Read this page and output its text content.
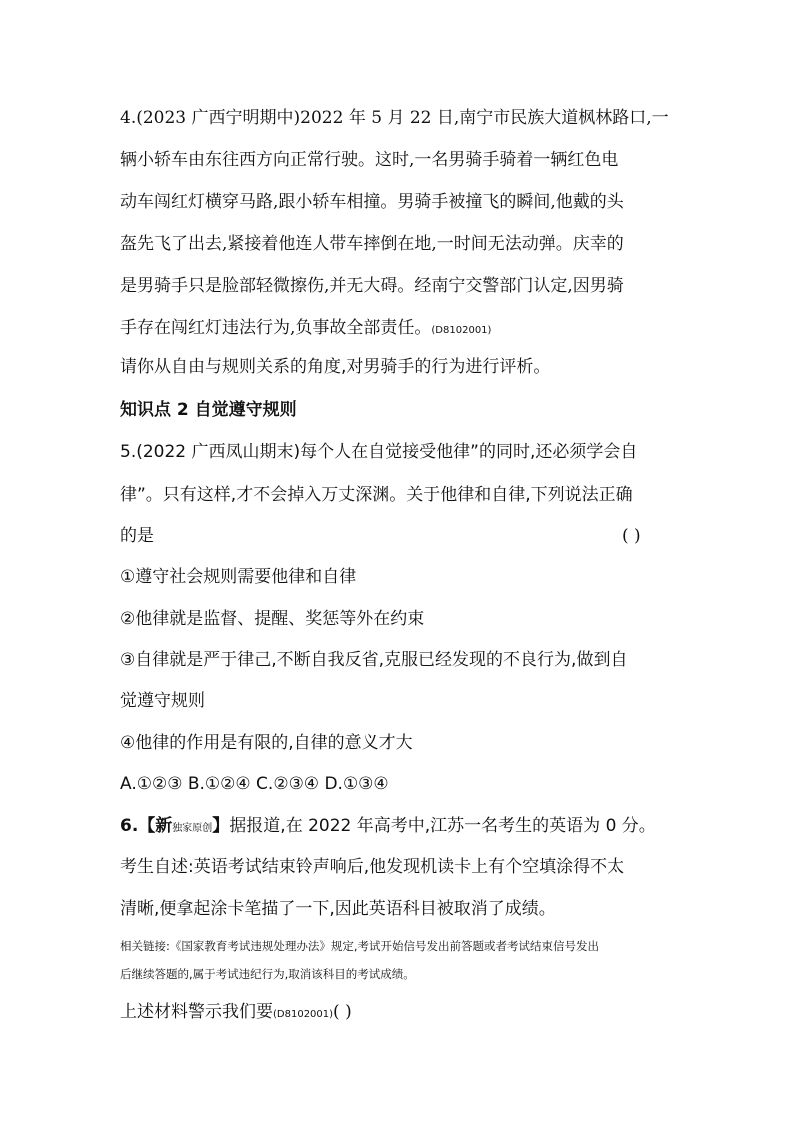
4.(2023 广西宁明期中)2022 年 5 月 22 日,南宁市民族大道枫林路口,一
辆小轿车由东往西方向正常行驶。这时,一名男骑手骑着一辆红色电
动车闯红灯横穿马路,跟小轿车相撞。男骑手被撞飞的瞬间,他戴的头
盔先飞了出去,紧接着他连人带车摔倒在地,一时间无法动弹。庆幸的
是男骑手只是脸部轻微擦伤,并无大碍。经南宁交警部门认定,因男骑
手存在闯红灯违法行为,负事故全部责任。(D8102001)
请你从自由与规则关系的角度,对男骑手的行为进行评析。
知识点 2 自觉遵守规则
5.(2022 广西凤山期末)每个人在自觉接受他律”的同时,还必须学会自
律”。只有这样,才不会掉入万丈深渊。关于他律和自律,下列说法正确
的是	( )
①遵守社会规则需要他律和自律
②他律就是监督、提醒、奖惩等外在约束
③自律就是严于律己,不断自我反省,克服已经发现的不良行为,做到自
觉遵守规则
④他律的作用是有限的,自律的意义才大
A.①②③ B.①②④ C.②③④ D.①③④
6.【新独家原创】据报道,在 2022 年高考中,江苏一名考生的英语为 0 分。
考生自述:英语考试结束铃声响后,他发现机读卡上有个空填涂得不太
清晰,便拿起涂卡笔描了一下,因此英语科目被取消了成绩。
相关链接:《国家教育考试违规处理办法》规定,考试开始信号发出前答题或者考试结束信号发出
后继续答题的,属于考试违纪行为,取消该科目的考试成绩。
上述材料警示我们要(D8102001)( )
